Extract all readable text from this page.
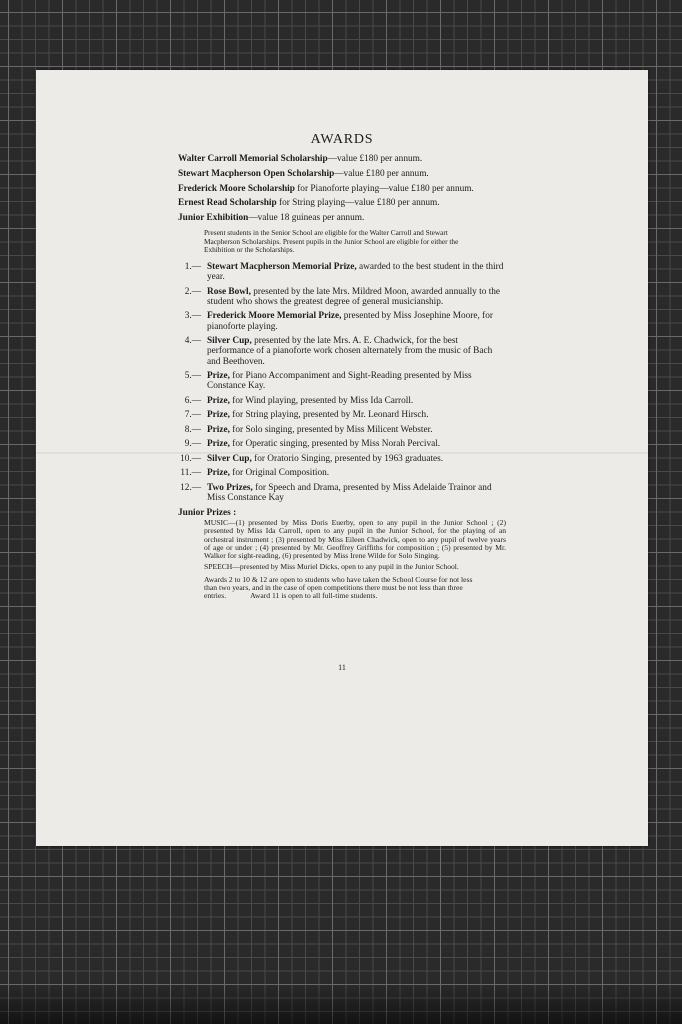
AWARDS

Walter Carroll Memorial Scholarship—value £180 per annum.

Stewart Macpherson Open Scholarship—value £180 per annum.

Frederick Moore Scholarship for Pianoforte playing—value £180 per annum.

Ernest Read Scholarship for String playing—value £180 per annum.

Junior Exhibition—value 18 guineas per annum.

Present students in the Senior School are eligible for the Walter Carroll and Stewart Macpherson Scholarships. Present pupils in the Junior School are eligible for either the Exhibition or the Scholarships.

1.— Stewart Macpherson Memorial Prize, awarded to the best student in the third year.
2.— Rose Bowl, presented by the late Mrs. Mildred Moon, awarded annually to the student who shows the greatest degree of general musicianship.
3.— Frederick Moore Memorial Prize, presented by Miss Josephine Moore, for pianoforte playing.
4.— Silver Cup, presented by the late Mrs. A. E. Chadwick, for the best performance of a pianoforte work chosen alternately from the music of Bach and Beethoven.
5.— Prize, for Piano Accompaniment and Sight-Reading presented by Miss Constance Kay.
6.— Prize, for Wind playing, presented by Miss Ida Carroll.
7.— Prize, for String playing, presented by Mr. Leonard Hirsch.
8.— Prize, for Solo singing, presented by Miss Milicent Webster.
9.— Prize, for Operatic singing, presented by Miss Norah Percival.
10.— Silver Cup, for Oratorio Singing, presented by 1963 graduates.
11.— Prize, for Original Composition.
12.— Two Prizes, for Speech and Drama, presented by Miss Adelaide Trainor and Miss Constance Kay
Junior Prizes :

MUSIC—(1) presented by Miss Doris Euerby, open to any pupil in the Junior School ; (2) presented by Miss Ida Carroll, open to any pupil in the Junior School, for the playing of an orchestral instrument ; (3) presented by Miss Eileen Chadwick, open to any pupil of twelve years of age or under ; (4) presented by Mr. Geoffrey Griffiths for composition ; (5) presented by Mr. Walker for sight-reading, (6) presented by Miss Irene Wilde for Solo Singing.

SPEECH—presented by Miss Muriel Dicks, open to any pupil in the Junior School.

Awards 2 to 10 & 12 are open to students who have taken the School Course for not less than two years, and in the case of open competitions there must be not less than three entries.	Award 11 is open to all full-time students.

11
